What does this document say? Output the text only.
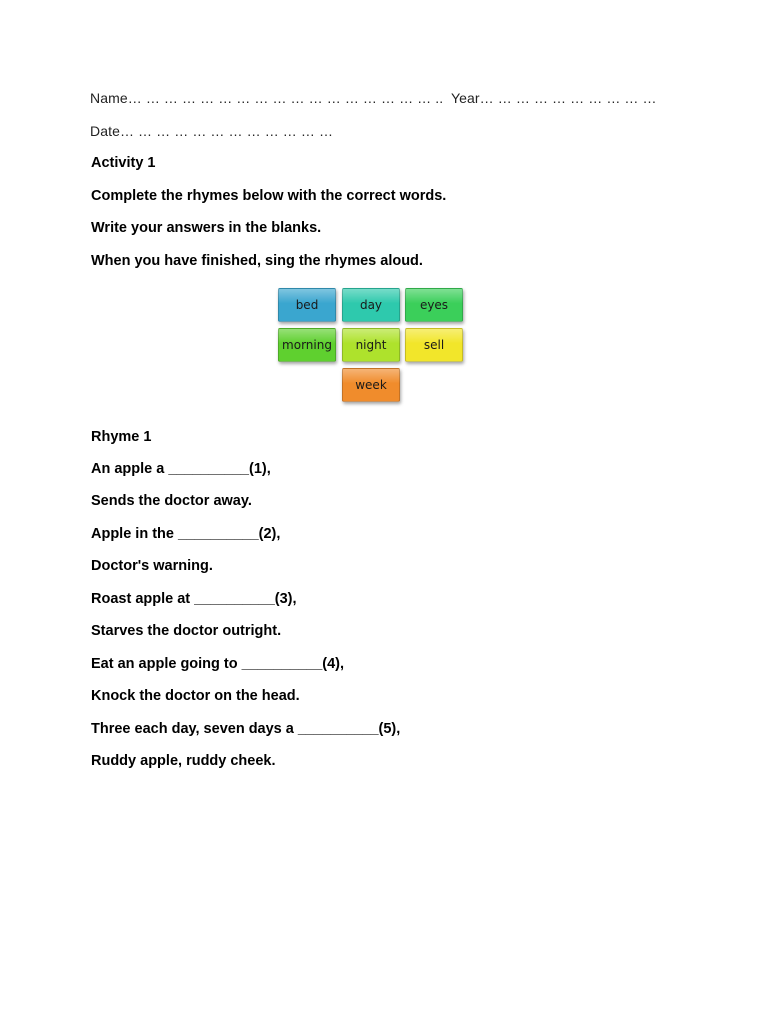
Name… … … … … … … … … … … … … … … … … .. Year… … … … … … … … … …
Date… … … … … … … … … … … …
Activity 1
Complete the rhymes below with the correct words.
Write your answers in the blanks.
When you have finished, sing the rhymes aloud.
bed	day	eyes
morning	night	sell
week
Rhyme 1
An apple a __________(1),
Sends the doctor away.
Apple in the __________(2),
Doctor's warning.
Roast apple at __________(3),
Starves the doctor outright.
Eat an apple going to __________(4),
Knock the doctor on the head.
Three each day, seven days a __________(5),
Ruddy apple, ruddy cheek.
